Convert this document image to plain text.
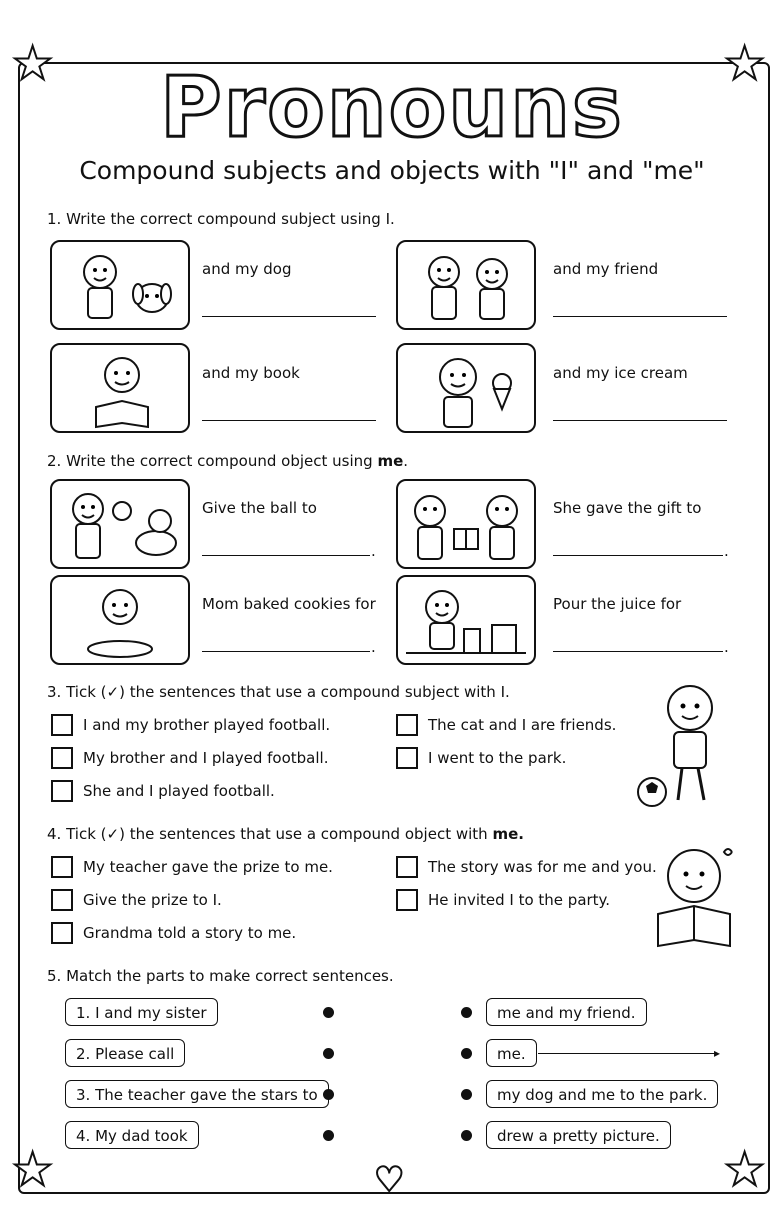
★	★
★	★
♥
Pronouns
Compound subjects and objects with "I" and "me"
1. Write the correct compound subject using I.
and my dog	and my friend
and my book	and my ice cream
2. Write the correct compound object using me.
Give the ball to
.
She gave the gift to
.
Mom baked cookies for
.
Pour the juice for
.
3. Tick (✓) the sentences that use a compound subject with I.
I and my brother played football.
My brother and I played football.
She and I played football.
The cat and I are friends.
I went to the park.
4. Tick (✓) the sentences that use a compound object with me.
My teacher gave the prize to me.
Give the prize to I.
Grandma told a story to me.
The story was for me and you.
He invited I to the party.
5. Match the parts to make correct sentences.
1. I and my sister
2. Please call
3. The teacher gave the stars to
4. My dad took
me and my friend.
me.	▸
my dog and me to the park.
drew a pretty picture.
